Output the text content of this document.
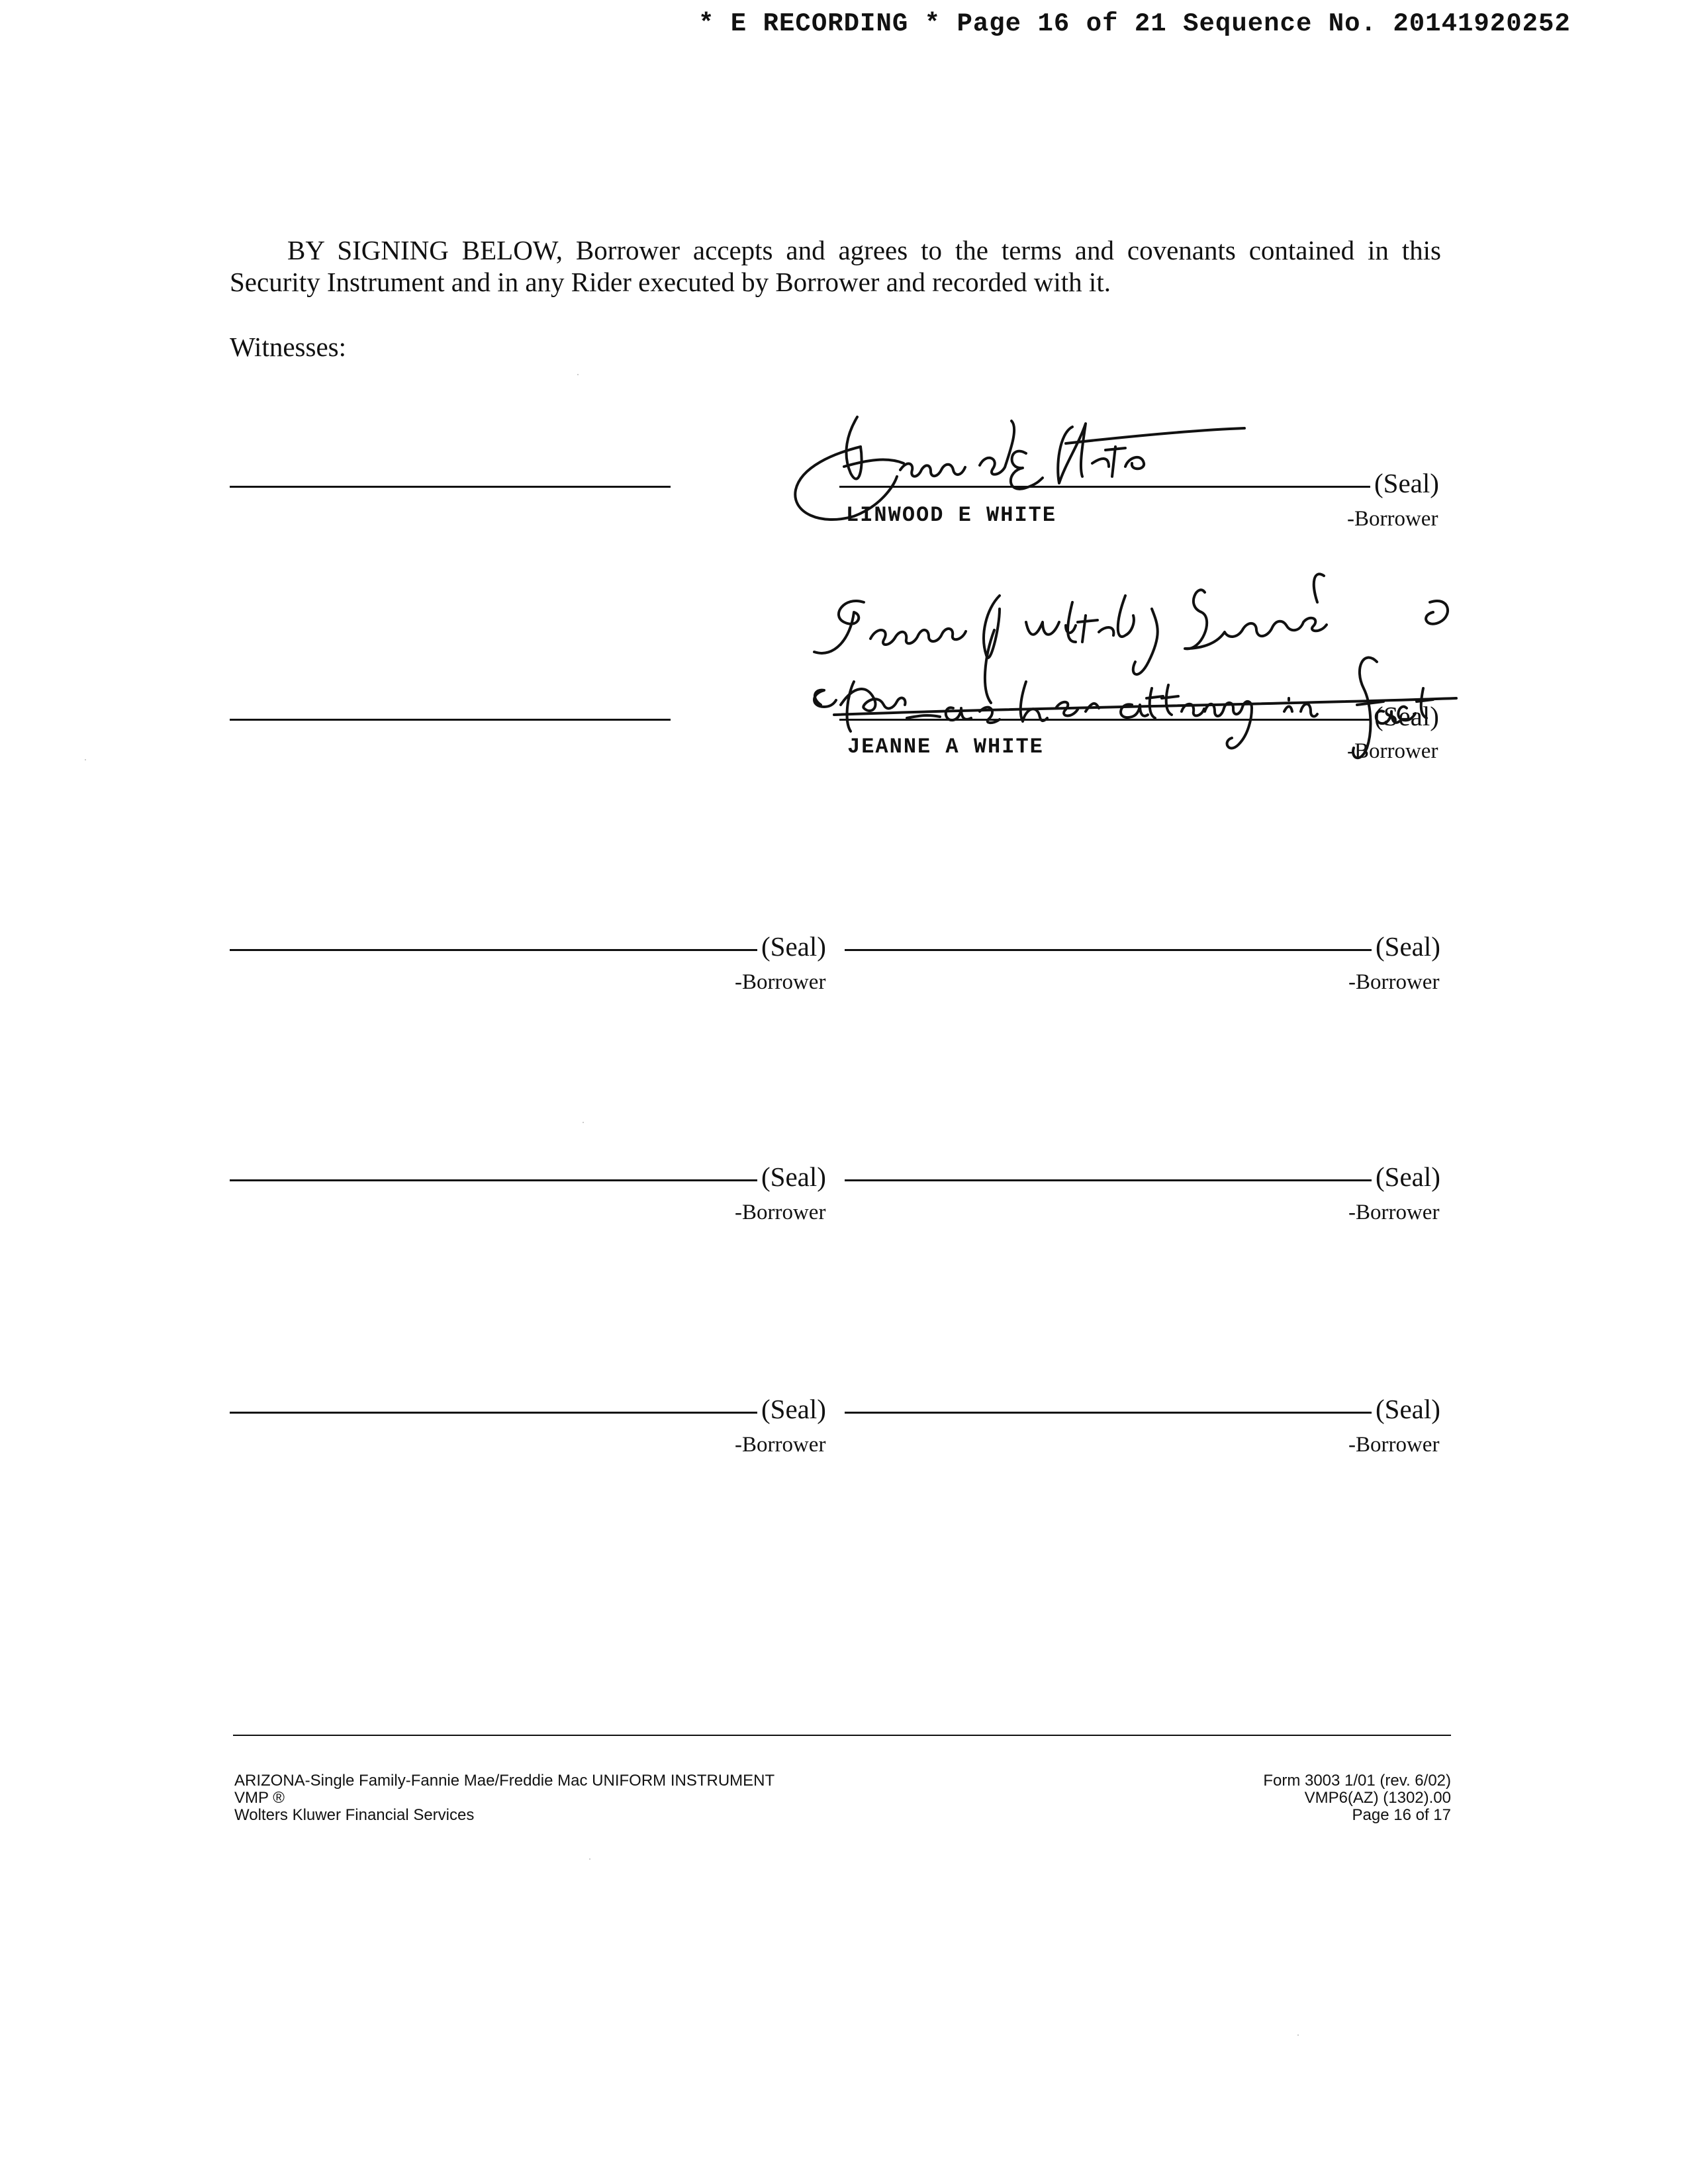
* E RECORDING * Page 16 of 21 Sequence No. 20141920252
BY SIGNING BELOW, Borrower accepts and agrees to the terms and covenants contained in this Security Instrument and in any Rider executed by Borrower and recorded with it.
Witnesses:
(Seal)
-Borrower
LINWOOD E WHITE
(Seal)
-Borrower
JEANNE A WHITE
(Seal)
-Borrower
(Seal)
-Borrower
(Seal)
-Borrower
(Seal)
-Borrower
(Seal)
-Borrower
(Seal)
-Borrower
ARIZONA-Single Family-Fannie Mae/Freddie Mac UNIFORM INSTRUMENT
VMP ®
Wolters Kluwer Financial Services
Form 3003 1/01 (rev. 6/02)
VMP6(AZ) (1302).00
Page 16 of 17
